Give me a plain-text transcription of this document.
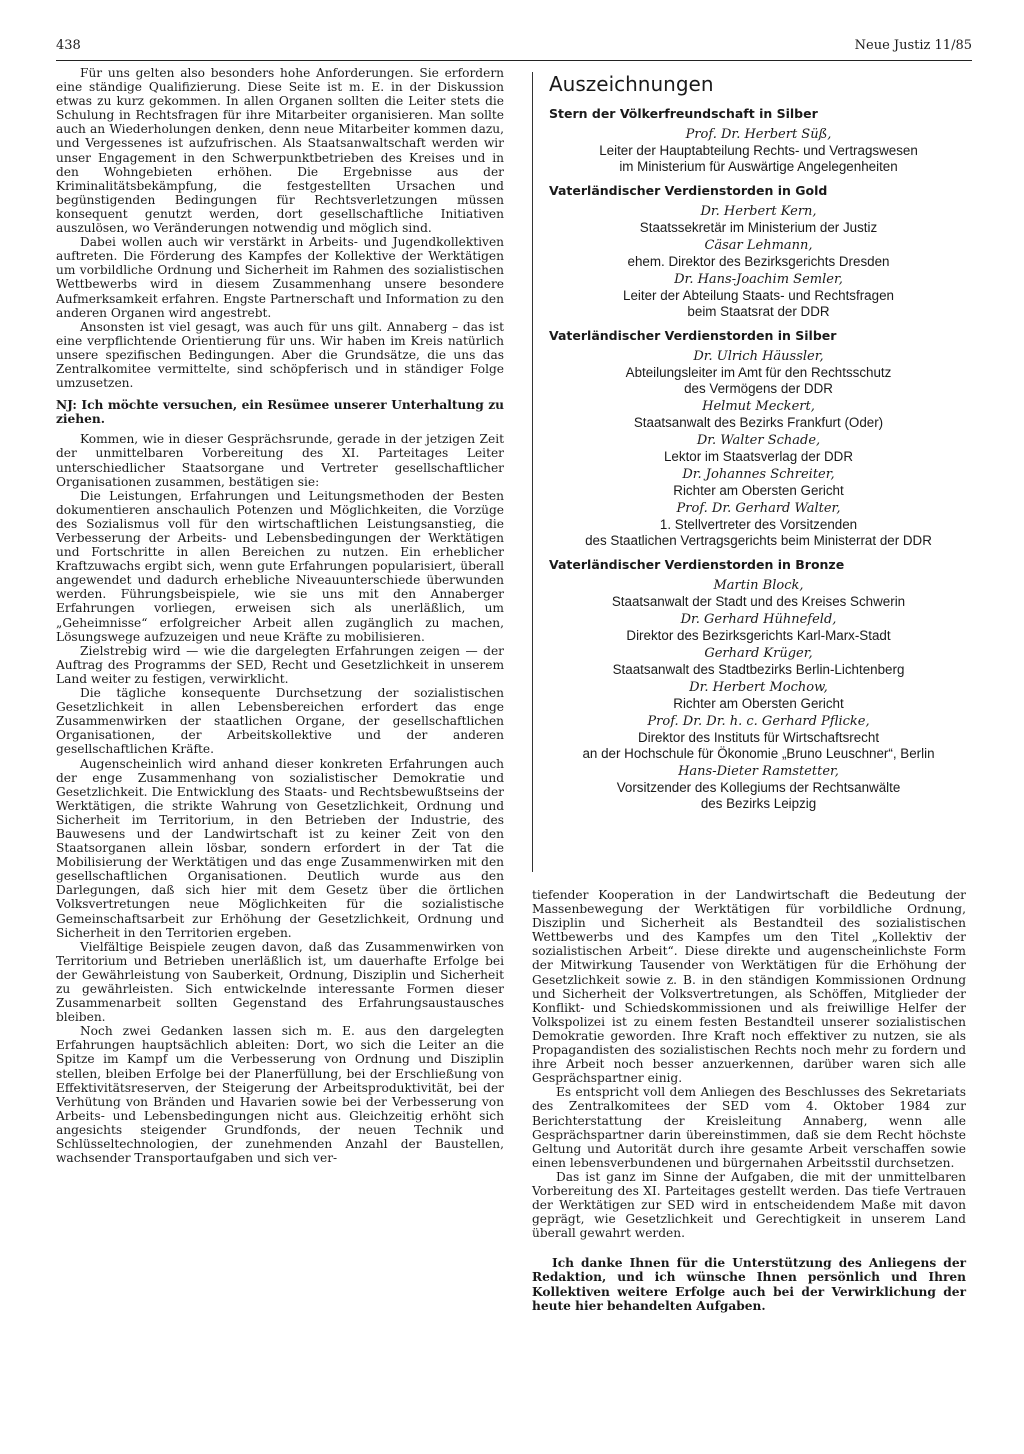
438	Neue Justiz 11/85

Für uns gelten also besonders hohe Anforderungen. Sie erfordern eine ständige Qualifizierung. Diese Seite ist m. E. in der Diskussion etwas zu kurz gekommen. In allen Organen sollten die Leiter stets die Schulung in Rechtsfragen für ihre Mitarbeiter organisieren. Man sollte auch an Wiederholungen denken, denn neue Mitarbeiter kommen dazu, und Vergessenes ist aufzufrischen. Als Staatsanwaltschaft werden wir unser Engagement in den Schwerpunktbetrieben des Kreises und in den Wohngebieten erhöhen. Die Ergebnisse aus der Kriminalitätsbekämpfung, die festgestellten Ursachen und begünstigenden Bedingungen für Rechtsverletzungen müssen konsequent genutzt werden, dort gesellschaftliche Initiativen auszulösen, wo Veränderungen notwendig und möglich sind.

Dabei wollen auch wir verstärkt in Arbeits- und Jugendkollektiven auftreten. Die Förderung des Kampfes der Kollektive der Werktätigen um vorbildliche Ordnung und Sicherheit im Rahmen des sozialistischen Wettbewerbs wird in diesem Zusammenhang unsere besondere Aufmerksamkeit erfahren. Engste Partnerschaft und Information zu den anderen Organen wird angestrebt.

Ansonsten ist viel gesagt, was auch für uns gilt. Annaberg – das ist eine verpflichtende Orientierung für uns. Wir haben im Kreis natürlich unsere spezifischen Bedingungen. Aber die Grundsätze, die uns das Zentralkomitee vermittelte, sind schöpferisch und in ständiger Folge umzusetzen.

NJ: Ich möchte versuchen, ein Resümee unserer Unterhaltung zu ziehen.

Kommen, wie in dieser Gesprächsrunde, gerade in der jetzigen Zeit der unmittelbaren Vorbereitung des XI. Parteitages Leiter unterschiedlicher Staatsorgane und Vertreter gesellschaftlicher Organisationen zusammen, bestätigen sie:

Die Leistungen, Erfahrungen und Leitungsmethoden der Besten dokumentieren anschaulich Potenzen und Möglichkeiten, die Vorzüge des Sozialismus voll für den wirtschaftlichen Leistungsanstieg, die Verbesserung der Arbeits- und Lebensbedingungen der Werktätigen und Fortschritte in allen Bereichen zu nutzen. Ein erheblicher Kraftzuwachs ergibt sich, wenn gute Erfahrungen popularisiert, überall angewendet und dadurch erhebliche Niveauunterschiede überwunden werden. Führungsbeispiele, wie sie uns mit den Annaberger Erfahrungen vorliegen, erweisen sich als unerläßlich, um „Geheimnisse“ erfolgreicher Arbeit allen zugänglich zu machen, Lösungswege aufzuzeigen und neue Kräfte zu mobilisieren.

Zielstrebig wird — wie die dargelegten Erfahrungen zeigen — der Auftrag des Programms der SED, Recht und Gesetzlichkeit in unserem Land weiter zu festigen, verwirklicht.

Die tägliche konsequente Durchsetzung der sozialistischen Gesetzlichkeit in allen Lebensbereichen erfordert das enge Zusammenwirken der staatlichen Organe, der gesellschaftlichen Organisationen, der Arbeitskollektive und der anderen gesellschaftlichen Kräfte.

Augenscheinlich wird anhand dieser konkreten Erfahrungen auch der enge Zusammenhang von sozialistischer Demokratie und Gesetzlichkeit. Die Entwicklung des Staats- und Rechtsbewußtseins der Werktätigen, die strikte Wahrung von Gesetzlichkeit, Ordnung und Sicherheit im Territorium, in den Betrieben der Industrie, des Bauwesens und der Landwirtschaft ist zu keiner Zeit von den Staatsorganen allein lösbar, sondern erfordert in der Tat die Mobilisierung der Werktätigen und das enge Zusammenwirken mit den gesellschaftlichen Organisationen. Deutlich wurde aus den Darlegungen, daß sich hier mit dem Gesetz über die örtlichen Volksvertretungen neue Möglichkeiten für die sozialistische Gemeinschaftsarbeit zur Erhöhung der Gesetzlichkeit, Ordnung und Sicherheit in den Territorien ergeben.

Vielfältige Beispiele zeugen davon, daß das Zusammenwirken von Territorium und Betrieben unerläßlich ist, um dauerhafte Erfolge bei der Gewährleistung von Sauberkeit, Ordnung, Disziplin und Sicherheit zu gewährleisten. Sich entwickelnde interessante Formen dieser Zusammenarbeit sollten Gegenstand des Erfahrungsaustausches bleiben.

Noch zwei Gedanken lassen sich m. E. aus den dargelegten Erfahrungen hauptsächlich ableiten: Dort, wo sich die Leiter an die Spitze im Kampf um die Verbesserung von Ordnung und Disziplin stellen, bleiben Erfolge bei der Planerfüllung, bei der Erschließung von Effektivitätsreserven, der Steigerung der Arbeitsproduktivität, bei der Verhütung von Bränden und Havarien sowie bei der Verbesserung von Arbeits- und Lebensbedingungen nicht aus. Gleichzeitig erhöht sich angesichts steigender Grundfonds, der neuen Technik und Schlüsseltechnologien, der zunehmenden Anzahl der Baustellen, wachsender Transportaufgaben und sich ver-

Auszeichnungen
Stern der Völkerfreundschaft in Silber
Prof. Dr. Herbert Süß,
Leiter der Hauptabteilung Rechts- und Vertragswesen
im Ministerium für Auswärtige Angelegenheiten
Vaterländischer Verdienstorden in Gold
Dr. Herbert Kern,
Staatssekretär im Ministerium der Justiz
Cäsar Lehmann,
ehem. Direktor des Bezirksgerichts Dresden
Dr. Hans-Joachim Semler,
Leiter der Abteilung Staats- und Rechtsfragen
beim Staatsrat der DDR
Vaterländischer Verdienstorden in Silber
Dr. Ulrich Häussler,
Abteilungsleiter im Amt für den Rechtsschutz
des Vermögens der DDR
Helmut Meckert,
Staatsanwalt des Bezirks Frankfurt (Oder)
Dr. Walter Schade,
Lektor im Staatsverlag der DDR
Dr. Johannes Schreiter,
Richter am Obersten Gericht
Prof. Dr. Gerhard Walter,
1. Stellvertreter des Vorsitzenden
des Staatlichen Vertragsgerichts beim Ministerrat der DDR
Vaterländischer Verdienstorden in Bronze
Martin Block,
Staatsanwalt der Stadt und des Kreises Schwerin
Dr. Gerhard Hühnefeld,
Direktor des Bezirksgerichts Karl-Marx-Stadt
Gerhard Krüger,
Staatsanwalt des Stadtbezirks Berlin-Lichtenberg
Dr. Herbert Mochow,
Richter am Obersten Gericht
Prof. Dr. Dr. h. c. Gerhard Pflicke,
Direktor des Instituts für Wirtschaftsrecht
an der Hochschule für Ökonomie „Bruno Leuschner“, Berlin
Hans-Dieter Ramstetter,
Vorsitzender des Kollegiums der Rechtsanwälte
des Bezirks Leipzig

tiefender Kooperation in der Landwirtschaft die Bedeutung der Massenbewegung der Werktätigen für vorbildliche Ordnung, Disziplin und Sicherheit als Bestandteil des sozialistischen Wettbewerbs und des Kampfes um den Titel „Kollektiv der sozialistischen Arbeit“. Diese direkte und augenscheinlichste Form der Mitwirkung Tausender von Werktätigen für die Erhöhung der Gesetzlichkeit sowie z. B. in den ständigen Kommissionen Ordnung und Sicherheit der Volksvertretungen, als Schöffen, Mitglieder der Konflikt- und Schiedskommissionen und als freiwillige Helfer der Volkspolizei ist zu einem festen Bestandteil unserer sozialistischen Demokratie geworden. Ihre Kraft noch effektiver zu nutzen, sie als Propagandisten des sozialistischen Rechts noch mehr zu fordern und ihre Arbeit noch besser anzuerkennen, darüber waren sich alle Gesprächspartner einig.

Es entspricht voll dem Anliegen des Beschlusses des Sekretariats des Zentralkomitees der SED vom 4. Oktober 1984 zur Berichterstattung der Kreisleitung Annaberg, wenn alle Gesprächspartner darin übereinstimmen, daß sie dem Recht höchste Geltung und Autorität durch ihre gesamte Arbeit verschaffen sowie einen lebensverbundenen und bürgernahen Arbeitsstil durchsetzen.

Das ist ganz im Sinne der Aufgaben, die mit der unmittelbaren Vorbereitung des XI. Parteitages gestellt werden. Das tiefe Vertrauen der Werktätigen zur SED wird in entscheidendem Maße mit davon geprägt, wie Gesetzlichkeit und Gerechtigkeit in unserem Land überall gewahrt werden.

Ich danke Ihnen für die Unterstützung des Anliegens der Redaktion, und ich wünsche Ihnen persönlich und Ihren Kollektiven weitere Erfolge auch bei der Verwirklichung der heute hier behandelten Aufgaben.
